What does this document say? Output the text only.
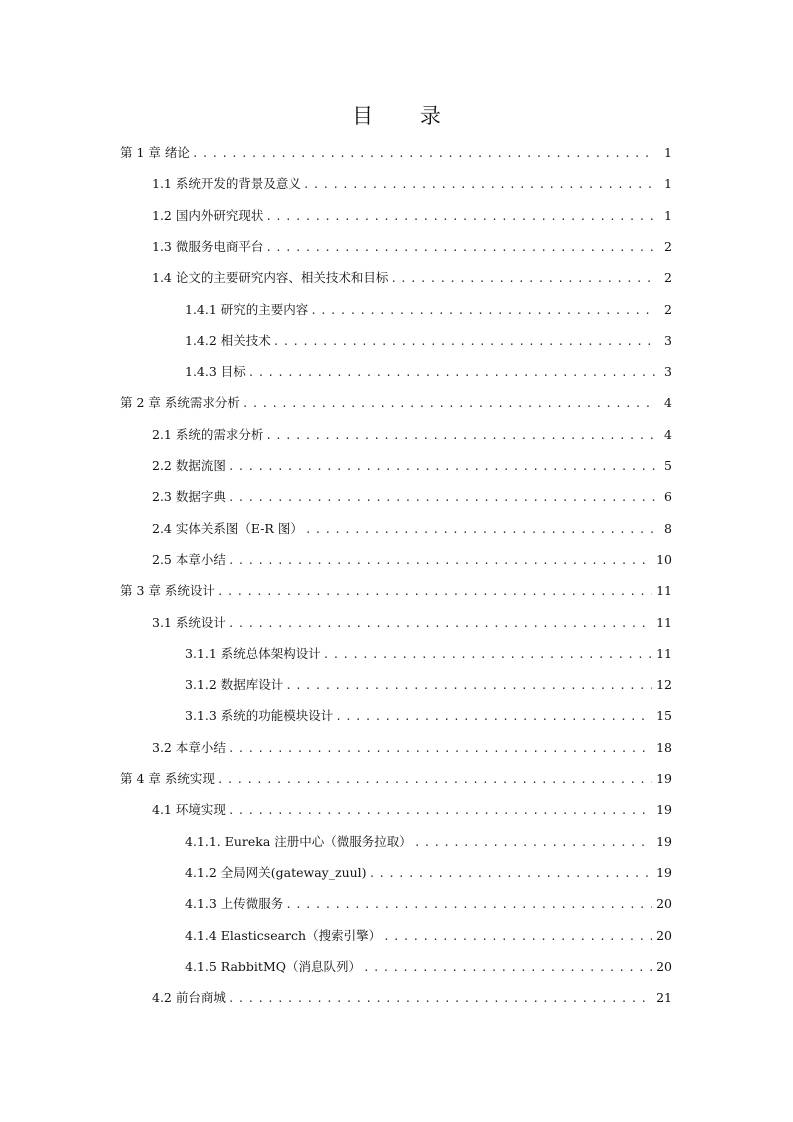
目 录
第 1 章 绪论 .....	1
1.1 系统开发的背景及意义 .....	1
1.2 国内外研究现状 .....	1
1.3 微服务电商平台 .....	2
1.4 论文的主要研究内容、相关技术和目标 .....	2
1.4.1 研究的主要内容 .....	2
1.4.2 相关技术 .....	3
1.4.3 目标 .....	3
第 2 章 系统需求分析 .....	4
2.1 系统的需求分析 .....	4
2.2 数据流图 .....	5
2.3 数据字典 .....	6
2.4 实体关系图（E-R 图） .....	8
2.5 本章小结 .....	10
第 3 章 系统设计 .....	11
3.1 系统设计 .....	11
3.1.1 系统总体架构设计 .....	11
3.1.2 数据库设计 .....	12
3.1.3 系统的功能模块设计 .....	15
3.2 本章小结 .....	18
第 4 章 系统实现 .....	19
4.1 环境实现 .....	19
4.1.1. Eureka 注册中心（微服务拉取） .....	19
4.1.2 全局网关(gateway_zuul) .....	19
4.1.3 上传微服务 .....	20
4.1.4 Elasticsearch（搜索引擎） .....	20
4.1.5 RabbitMQ（消息队列） .....	20
4.2 前台商城 .....	21
